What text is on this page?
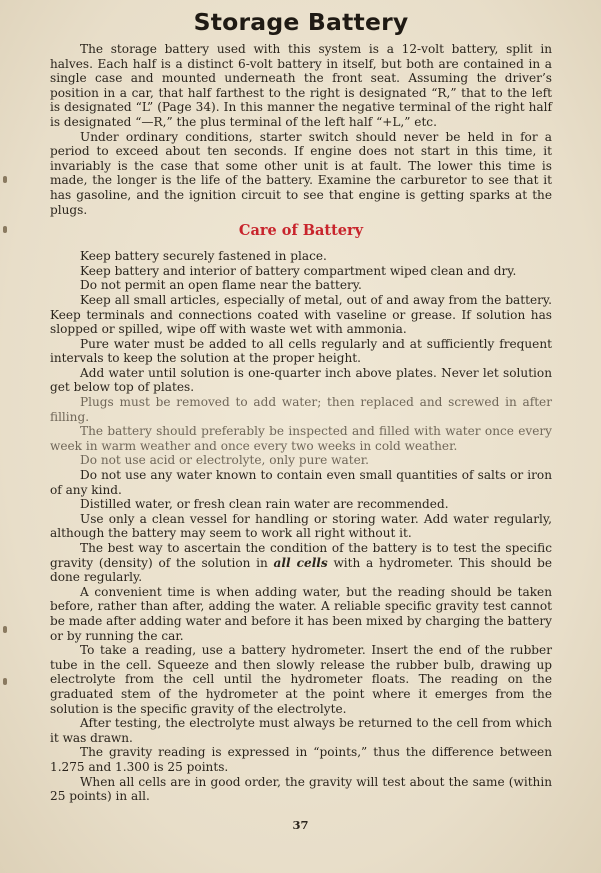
Storage Battery

The storage battery used with this system is a 12-volt battery, split in halves. Each half is a distinct 6-volt battery in itself, but both are contained in a single case and mounted underneath the front seat. Assuming the driver’s position in a car, that half farthest to the right is designated “R,” that to the left is designated “L” (Page 34). In this manner the negative terminal of the right half is designated “—R,” the plus terminal of the left half “+L,” etc.

Under ordinary conditions, starter switch should never be held in for a period to exceed about ten seconds. If engine does not start in this time, it invariably is the case that some other unit is at fault. The lower this time is made, the longer is the life of the battery. Examine the carburetor to see that it has gasoline, and the ignition circuit to see that engine is getting sparks at the plugs.

Care of Battery

Keep battery securely fastened in place.

Keep battery and interior of battery compartment wiped clean and dry.

Do not permit an open flame near the battery.

Keep all small articles, especially of metal, out of and away from the battery. Keep terminals and connections coated with vaseline or grease. If solution has slopped or spilled, wipe off with waste wet with ammonia.

Pure water must be added to all cells regularly and at sufficiently frequent intervals to keep the solution at the proper height.

Add water until solution is one-quarter inch above plates. Never let solution get below top of plates.

Plugs must be removed to add water; then replaced and screwed in after filling.

The battery should preferably be inspected and filled with water once every week in warm weather and once every two weeks in cold weather.

Do not use acid or electrolyte, only pure water.

Do not use any water known to contain even small quantities of salts or iron of any kind.

Distilled water, or fresh clean rain water are recommended.

Use only a clean vessel for handling or storing water. Add water regularly, although the battery may seem to work all right without it.

The best way to ascertain the condition of the battery is to test the specific gravity (density) of the solution in all cells with a hydrometer. This should be done regularly.

A convenient time is when adding water, but the reading should be taken before, rather than after, adding the water. A reliable specific gravity test cannot be made after adding water and before it has been mixed by charging the battery or by running the car.

To take a reading, use a battery hydrometer. Insert the end of the rubber tube in the cell. Squeeze and then slowly release the rubber bulb, drawing up electrolyte from the cell until the hydrometer floats. The reading on the graduated stem of the hydrometer at the point where it emerges from the solution is the specific gravity of the electrolyte.

After testing, the electrolyte must always be returned to the cell from which it was drawn.

The gravity reading is expressed in “points,” thus the difference between 1.275 and 1.300 is 25 points.

When all cells are in good order, the gravity will test about the same (within 25 points) in all.

37
